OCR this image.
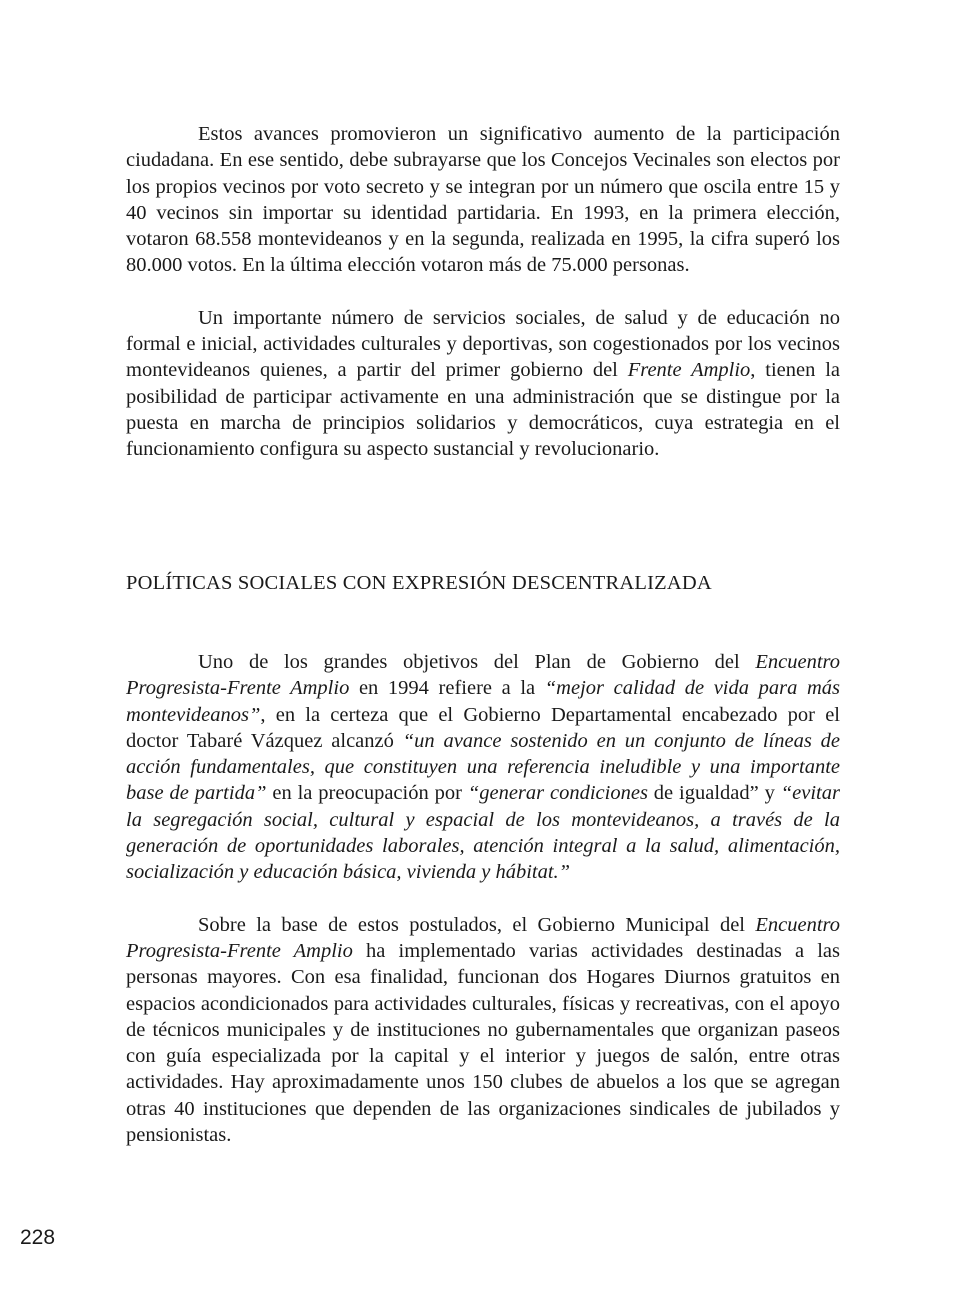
Estos avances promovieron un significativo aumento de la participación ciudadana. En ese sentido, debe subrayarse que los Concejos Vecinales son electos por los propios vecinos por voto secreto y se integran por un número que oscila entre 15 y 40 vecinos sin importar su identidad partidaria. En 1993, en la primera elección, votaron 68.558 montevideanos y en la segunda, realizada en 1995, la cifra superó los 80.000 votos. En la última elección votaron más de 75.000 personas.

Un importante número de servicios sociales, de salud y de educación no formal e inicial, actividades culturales y deportivas, son cogestionados por los vecinos montevideanos quienes, a partir del primer gobierno del Frente Amplio, tienen la posibilidad de participar activamente en una administración que se distingue por la puesta en marcha de principios solidarios y democráticos, cuya estrategia en el funcionamiento configura su aspecto sustancial y revolucionario.

POLÍTICAS SOCIALES CON EXPRESIÓN DESCENTRALIZADA

Uno de los grandes objetivos del Plan de Gobierno del Encuentro Progresista-Frente Amplio en 1994 refiere a la “mejor calidad de vida para más montevideanos”, en la certeza que el Gobierno Departamental encabezado por el doctor Tabaré Vázquez alcanzó “un avance sostenido en un conjunto de líneas de acción fundamentales, que constituyen una referencia ineludible y una importante base de partida” en la preocupación por “generar condiciones de igualdad” y “evitar la segregación social, cultural y espacial de los montevideanos, a través de la generación de oportunidades laborales, atención integral a la salud, alimentación, socialización y educación básica, vivienda y hábitat.”

Sobre la base de estos postulados, el Gobierno Municipal del Encuentro Progresista-Frente Amplio ha implementado varias actividades destinadas a las personas mayores. Con esa finalidad, funcionan dos Hogares Diurnos gratuitos en espacios acondicionados para actividades culturales, físicas y recreativas, con el apoyo de técnicos municipales y de instituciones no gubernamentales que organizan paseos con guía especializada por la capital y el interior y juegos de salón, entre otras actividades. Hay aproximadamente unos 150 clubes de abuelos a los que se agregan otras 40 instituciones que dependen de las organizaciones sindicales de jubilados y pensionistas.

228
